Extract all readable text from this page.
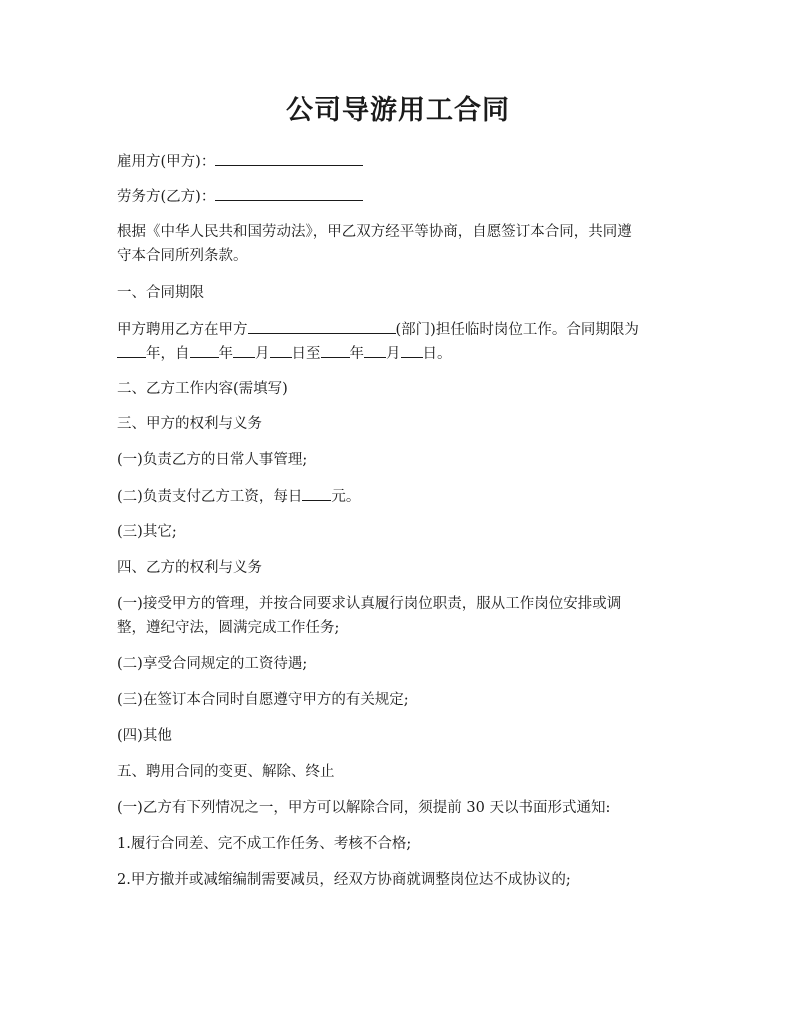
公司导游用工合同
雇用方(甲方)：
劳务方(乙方)：
根据《中华人民共和国劳动法》，甲乙双方经平等协商，自愿签订本合同，共同遵
守本合同所列条款。
一、合同期限
甲方聘用乙方在甲方	(部门)担任临时岗位工作。合同期限为
年，自 年 月 日至 年 月 日。
二、乙方工作内容(需填写)
三、甲方的权利与义务
(一)负责乙方的日常人事管理;
(二)负责支付乙方工资，每日 元。
(三)其它;
四、乙方的权利与义务
(一)接受甲方的管理，并按合同要求认真履行岗位职责，服从工作岗位安排或调
整，遵纪守法，圆满完成工作任务;
(二)享受合同规定的工资待遇;
(三)在签订本合同时自愿遵守甲方的有关规定;
(四)其他
五、聘用合同的变更、解除、终止
(一)乙方有下列情况之一，甲方可以解除合同，须提前 30 天以书面形式通知:
1.履行合同差、完不成工作任务、考核不合格;
2.甲方撤并或减缩编制需要减员，经双方协商就调整岗位达不成协议的;
